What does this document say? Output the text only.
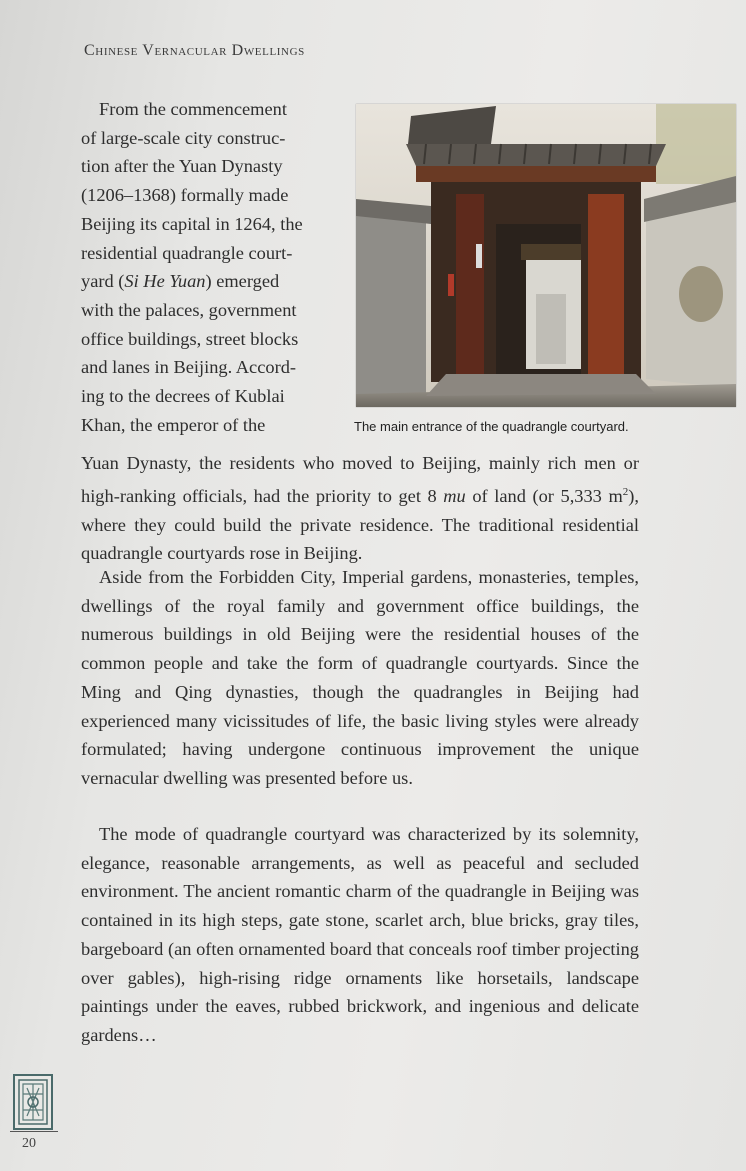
Chinese Vernacular Dwellings
The main entrance of the quadrangle courtyard.
From the commencement
of large-scale city construc-
tion after the Yuan Dynasty
(1206–1368) formally made
Beijing its capital in 1264, the
residential quadrangle court-
yard (Si He Yuan) emerged
with the palaces, government
office buildings, street blocks
and lanes in Beijing. Accord-
ing to the decrees of Kublai
Khan, the emperor of the

Yuan Dynasty, the residents who moved to Beijing, mainly rich men or high-ranking officials, had the priority to get 8 mu of land (or 5,333 $m^2$), where they could build the private residence. The traditional residential quadrangle courtyards rose in Beijing.

Aside from the Forbidden City, Imperial gardens, monasteries, temples, dwellings of the royal family and government office buildings, the numerous buildings in old Beijing were the residential houses of the common people and take the form of quadrangle courtyards. Since the Ming and Qing dynasties, though the quadrangles in Beijing had experienced many vicissitudes of life, the basic living styles were already formulated; having undergone continuous improvement the unique vernacular dwelling was presented before us.

The mode of quadrangle courtyard was characterized by its solemnity, elegance, reasonable arrangements, as well as peaceful and secluded environment. The ancient romantic charm of the quadrangle in Beijing was contained in its high steps, gate stone, scarlet arch, blue bricks, gray tiles, bargeboard (an often ornamented board that conceals roof timber projecting over gables), high-rising ridge ornaments like horsetails, landscape paintings under the eaves, rubbed brickwork, and ingenious and delicate gardens…

20
